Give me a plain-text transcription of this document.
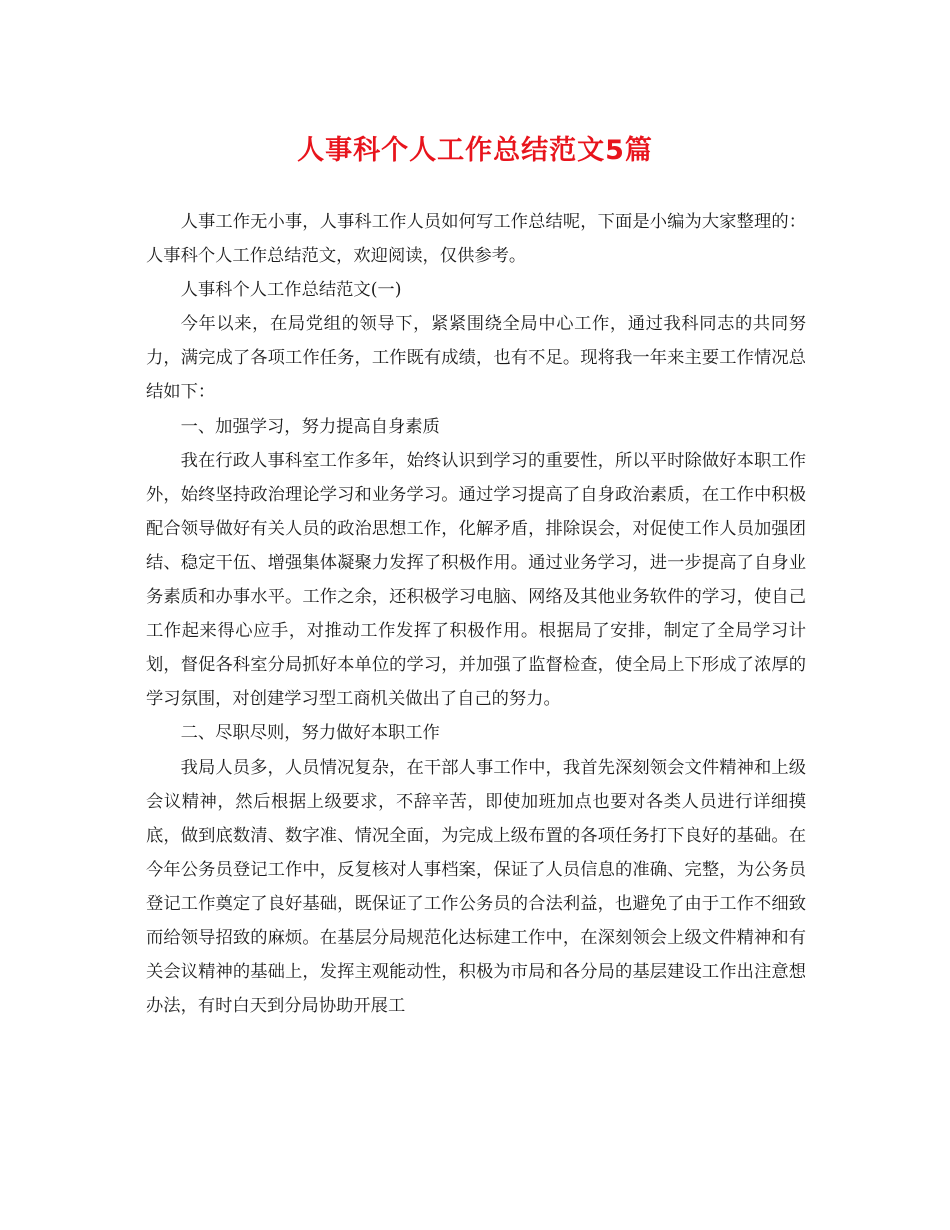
人事科个人工作总结范文5篇

人事工作无小事，人事科工作人员如何写工作总结呢，下面是小编为大家整理的：人事科个人工作总结范文，欢迎阅读，仅供参考。

人事科个人工作总结范文(一)

今年以来，在局党组的领导下，紧紧围绕全局中心工作，通过我科同志的共同努力，满完成了各项工作任务，工作既有成绩，也有不足。现将我一年来主要工作情况总结如下：

一、加强学习，努力提高自身素质

我在行政人事科室工作多年，始终认识到学习的重要性，所以平时除做好本职工作外，始终坚持政治理论学习和业务学习。通过学习提高了自身政治素质，在工作中积极配合领导做好有关人员的政治思想工作，化解矛盾，排除误会，对促使工作人员加强团结、稳定干伍、增强集体凝聚力发挥了积极作用。通过业务学习，进一步提高了自身业务素质和办事水平。工作之余，还积极学习电脑、网络及其他业务软件的学习，使自己工作起来得心应手，对推动工作发挥了积极作用。根据局了安排，制定了全局学习计划，督促各科室分局抓好本单位的学习，并加强了监督检查，使全局上下形成了浓厚的学习氛围，对创建学习型工商机关做出了自己的努力。

二、尽职尽则，努力做好本职工作

我局人员多，人员情况复杂，在干部人事工作中，我首先深刻领会文件精神和上级会议精神，然后根据上级要求，不辞辛苦，即使加班加点也要对各类人员进行详细摸底，做到底数清、数字准、情况全面，为完成上级布置的各项任务打下良好的基础。在今年公务员登记工作中，反复核对人事档案，保证了人员信息的准确、完整，为公务员登记工作奠定了良好基础，既保证了工作公务员的合法利益，也避免了由于工作不细致而给领导招致的麻烦。在基层分局规范化达标建工作中，在深刻领会上级文件精神和有关会议精神的基础上，发挥主观能动性，积极为市局和各分局的基层建设工作出注意想办法，有时白天到分局协助开展工
